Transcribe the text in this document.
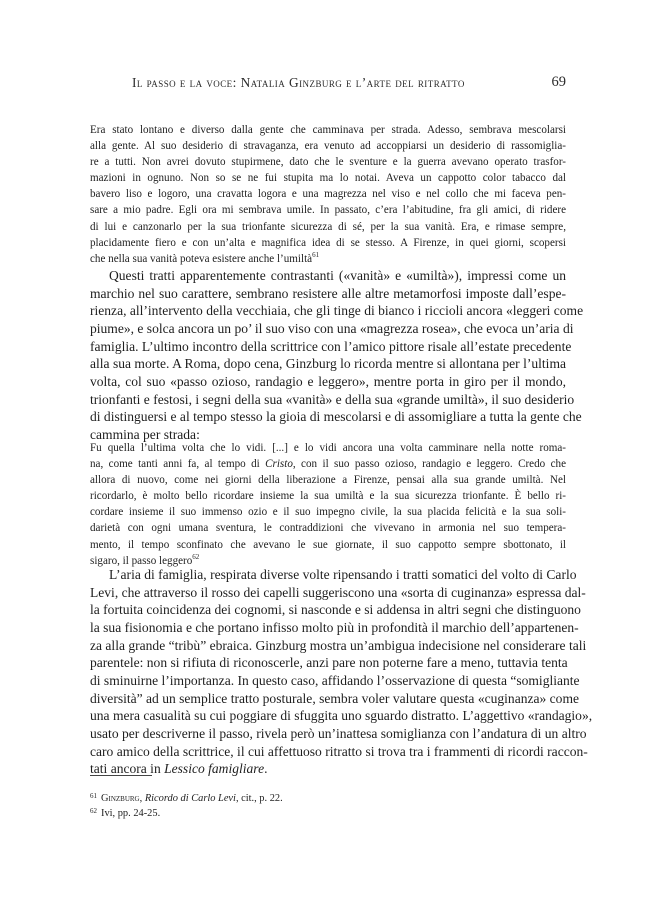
Il passo e la voce: Natalia Ginzburg e l’arte del ritratto	69
Era stato lontano e diverso dalla gente che camminava per strada. Adesso, sembrava mescolarsi
alla gente. Al suo desiderio di stravaganza, era venuto ad accoppiarsi un desiderio di rassomiglia-
re a tutti. Non avrei dovuto stupirmene, dato che le sventure e la guerra avevano operato trasfor-
mazioni in ognuno. Non so se ne fui stupita ma lo notai. Aveva un cappotto color tabacco dal
bavero liso e logoro, una cravatta logora e una magrezza nel viso e nel collo che mi faceva pen-
sare a mio padre. Egli ora mi sembrava umile. In passato, c’era l’abitudine, fra gli amici, di ridere
di lui e canzonarlo per la sua trionfante sicurezza di sé, per la sua vanità. Era, e rimase sempre,
placidamente fiero e con un’alta e magnifica idea di se stesso. A Firenze, in quei giorni, scopersi
che nella sua vanità poteva esistere anche l’umiltà$^{61}$
Questi tratti apparentemente contrastanti («vanità» e «umiltà»), impressi come un
marchio nel suo carattere, sembrano resistere alle altre metamorfosi imposte dall’espe-
rienza, all’intervento della vecchiaia, che gli tinge di bianco i riccioli ancora «leggeri come
piume», e solca ancora un po’ il suo viso con una «magrezza rosea», che evoca un’aria di
famiglia. L’ultimo incontro della scrittrice con l’amico pittore risale all’estate precedente
alla sua morte. A Roma, dopo cena, Ginzburg lo ricorda mentre si allontana per l’ultima
volta, col suo «passo ozioso, randagio e leggero», mentre porta in giro per il mondo,
trionfanti e festosi, i segni della sua «vanità» e della sua «grande umiltà», il suo desiderio
di distinguersi e al tempo stesso la gioia di mescolarsi e di assomigliare a tutta la gente che
cammina per strada:
Fu quella l’ultima volta che lo vidi. [...] e lo vidi ancora una volta camminare nella notte roma-
na, come tanti anni fa, al tempo di Cristo, con il suo passo ozioso, randagio e leggero. Credo che
allora di nuovo, come nei giorni della liberazione a Firenze, pensai alla sua grande umiltà. Nel
ricordarlo, è molto bello ricordare insieme la sua umiltà e la sua sicurezza trionfante. È bello ri-
cordare insieme il suo immenso ozio e il suo impegno civile, la sua placida felicità e la sua soli-
darietà con ogni umana sventura, le contraddizioni che vivevano in armonia nel suo tempera-
mento, il tempo sconfinato che avevano le sue giornate, il suo cappotto sempre sbottonato, il
sigaro, il passo leggero$^{62}$
L’aria di famiglia, respirata diverse volte ripensando i tratti somatici del volto di Carlo
Levi, che attraverso il rosso dei capelli suggeriscono una «sorta di cuginanza» espressa dal-
la fortuita coincidenza dei cognomi, si nasconde e si addensa in altri segni che distinguono
la sua fisionomia e che portano infisso molto più in profondità il marchio dell’appartenen-
za alla grande “tribù” ebraica. Ginzburg mostra un’ambigua indecisione nel considerare tali
parentele: non si rifiuta di riconoscerle, anzi pare non poterne fare a meno, tuttavia tenta
di sminuirne l’importanza. In questo caso, affidando l’osservazione di questa “somigliante
diversità” ad un semplice tratto posturale, sembra voler valutare questa «cuginanza» come
una mera casualità su cui poggiare di sfuggita uno sguardo distratto. L’aggettivo «randagio»,
usato per descriverne il passo, rivela però un’inattesa somiglianza con l’andatura di un altro
caro amico della scrittrice, il cui affettuoso ritratto si trova tra i frammenti di ricordi raccon-
tati ancora in Lessico famigliare.
$^{61}$ Ginzburg, Ricordo di Carlo Levi, cit., p. 22.
$^{62}$ Ivi, pp. 24-25.
